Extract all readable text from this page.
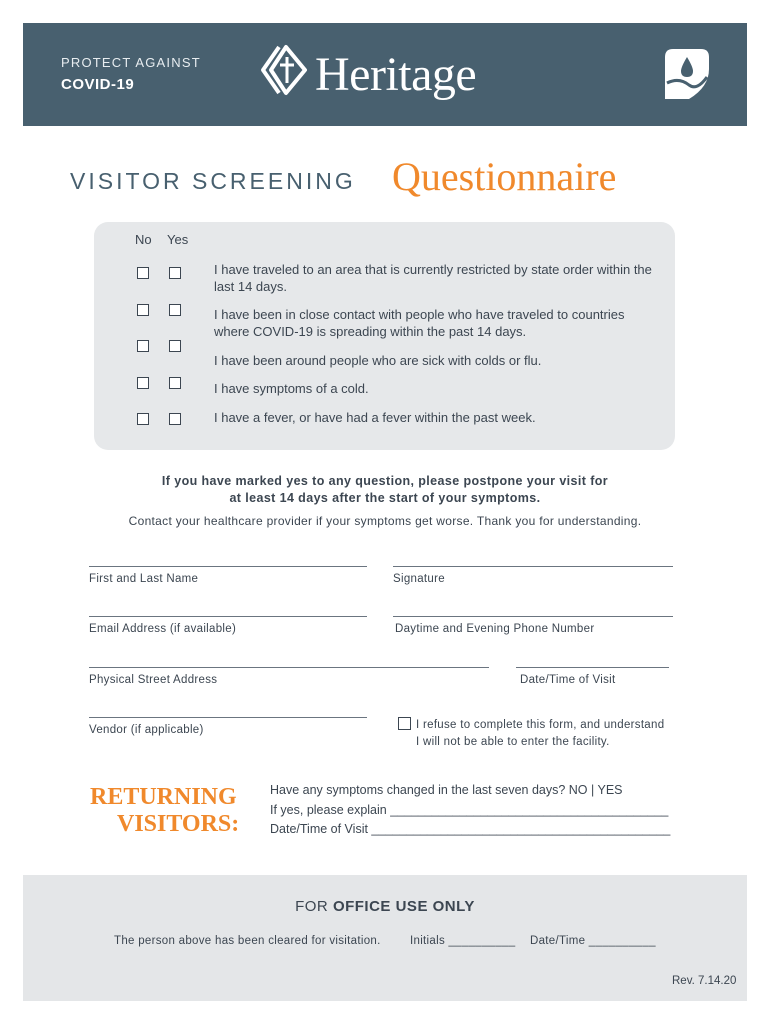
PROTECT AGAINST
COVID-19	Heritage
VISITOR SCREENING Questionnaire
No Yes
I have traveled to an area that is currently restricted by state order within the last 14 days.
I have been in close contact with people who have traveled to countries where COVID-19 is spreading within the past 14 days.
I have been around people who are sick with colds or flu.
I have symptoms of a cold.
I have a fever, or have had a fever within the past week.
If you have marked yes to any question, please postpone your visit for
at least 14 days after the start of your symptoms.
Contact your healthcare provider if your symptoms get worse. Thank you for understanding.
First and Last Name	Signature
Email Address (if available)	Daytime and Evening Phone Number
Physical Street Address	Date/Time of Visit
Vendor (if applicable)	I refuse to complete this form, and understand
I will not be able to enter the facility.
RETURNING
VISITORS:
Have any symptoms changed in the last seven days? NO | YES
If yes, please explain ________________________________________
Date/Time of Visit ___________________________________________
FOR OFFICE USE ONLY
The person above has been cleared for visitation.	Initials __________ Date/Time __________
Rev. 7.14.20
